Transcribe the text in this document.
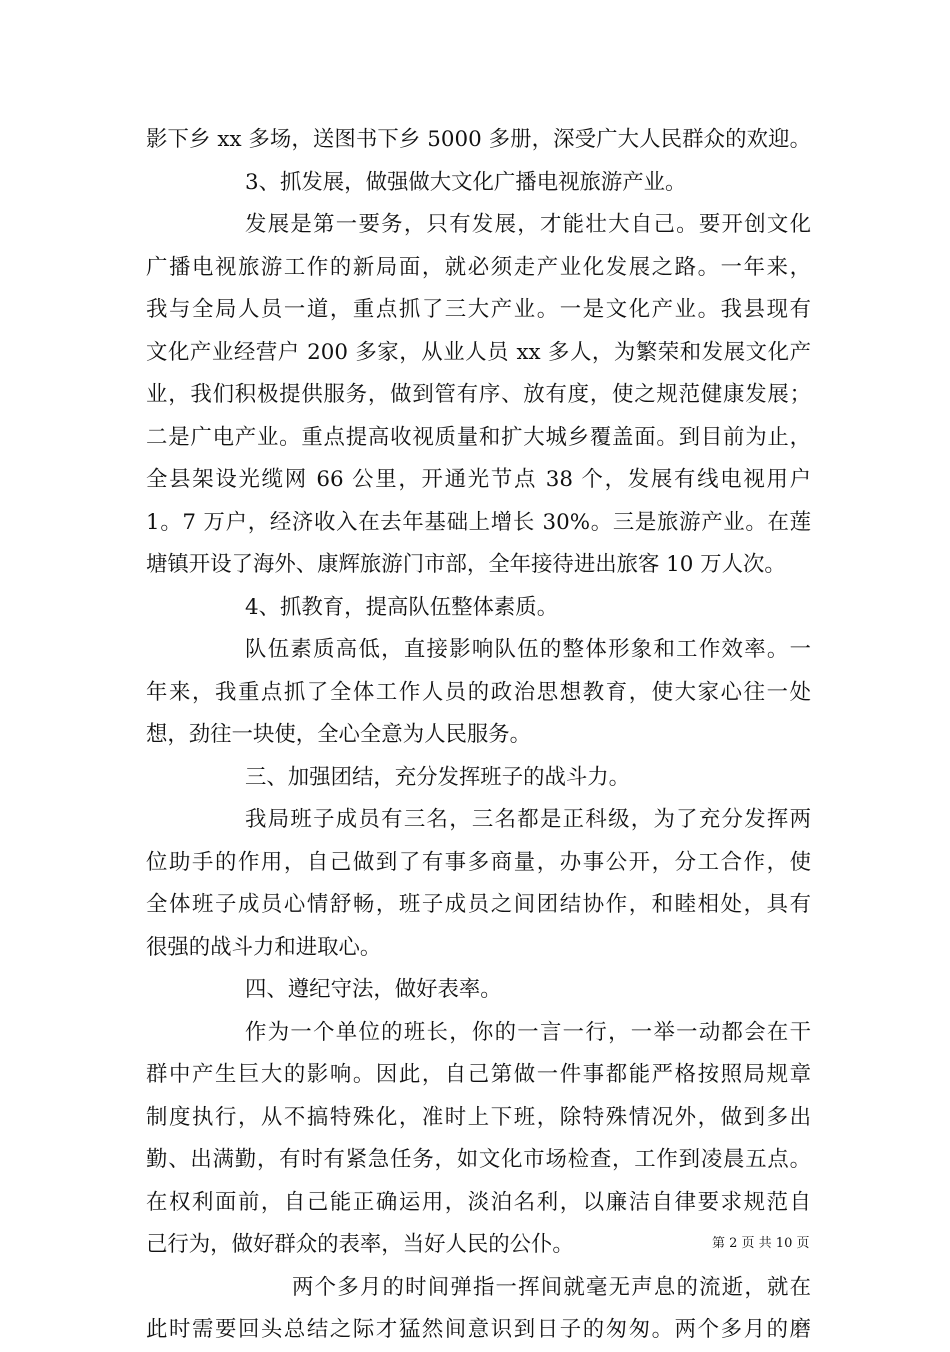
影下乡 xx 多场，送图书下乡 5000 多册，深受广大人民群众的欢迎。
3、抓发展，做强做大文化广播电视旅游产业。
发展是第一要务，只有发展，才能壮大自己。要开创文化
广播电视旅游工作的新局面，就必须走产业化发展之路。一年来，
我与全局人员一道，重点抓了三大产业。一是文化产业。我县现有
文化产业经营户 200 多家，从业人员 xx 多人，为繁荣和发展文化产
业，我们积极提供服务，做到管有序、放有度，使之规范健康发展；
二是广电产业。重点提高收视质量和扩大城乡覆盖面。到目前为止，
全县架设光缆网 66 公里，开通光节点 38 个，发展有线电视用户
1。7 万户，经济收入在去年基础上增长 30%。三是旅游产业。在莲
塘镇开设了海外、康辉旅游门市部，全年接待进出旅客 10 万人次。
4、抓教育，提高队伍整体素质。
队伍素质高低，直接影响队伍的整体形象和工作效率。一
年来，我重点抓了全体工作人员的政治思想教育，使大家心往一处
想，劲往一块使，全心全意为人民服务。
三、加强团结，充分发挥班子的战斗力。
我局班子成员有三名，三名都是正科级，为了充分发挥两
位助手的作用，自己做到了有事多商量，办事公开，分工合作，使
全体班子成员心情舒畅，班子成员之间团结协作，和睦相处，具有
很强的战斗力和进取心。
四、遵纪守法，做好表率。
作为一个单位的班长，你的一言一行，一举一动都会在干
群中产生巨大的影响。因此，自己第做一件事都能严格按照局规章
制度执行，从不搞特殊化，准时上下班，除特殊情况外，做到多出
勤、出满勤，有时有紧急任务，如文化市场检查，工作到凌晨五点。
在权利面前，自己能正确运用，淡泊名利，以廉洁自律要求规范自
己行为，做好群众的表率，当好人民的公仆。
两个多月的时间弹指一挥间就毫无声息的流逝，就在
此时需要回头总结之际才猛然间意识到日子的匆匆。两个多月的磨
第 2 页 共 10 页
